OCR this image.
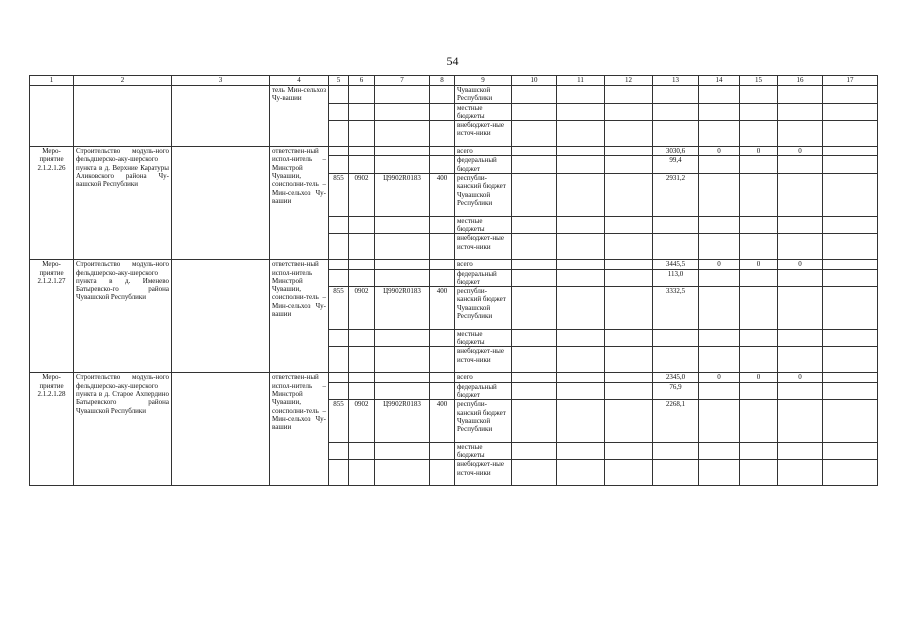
54
1	2	3	4	5	6	7	8	9	10	11	12	13	14	15	16	17
			тель Мин-сельхоз Чу-вашии					Чувашской Республики								
								местные бюджеты								
								внебюджет-ные источ-ники								
Меро-приятие 2.1.2.1.26	Строительство модуль-ного фельдшерско-аку-шерского пункта в д. Верхние Каратуры Аликовского района Чу-вашской Республики		ответствен-ный испол-нитель – Минстрой Чувашии, соисполни-тель – Мин-сельхоз Чу-вашии					всего				3030,6	0	0	0	
								федеральный бюджет				99,4				
				855	0902	Ц9902R0183	400	республи-канский бюджет Чувашской Республики				2931,2				
								местные бюджеты								
								внебюджет-ные источ-ники								
Меро-приятие 2.1.2.1.27	Строительство модуль-ного фельдшерско-аку-шерского пункта в д. Именево Батыревско-го района Чувашской Республики		ответствен-ный испол-нитель Минстрой Чувашии, соисполни-тель – Мин-сельхоз Чу-вашии					всего				3445,5	0	0	0	
								федеральный бюджет				113,0				
				855	0902	Ц9902R0183	400	республи-канский бюджет Чувашской Республики				3332,5				
								местные бюджеты								
								внебюджет-ные источ-ники								
Меро-приятие 2.1.2.1.28	Строительство модуль-ного фельдшерско-аку-шерского пункта в д. Старое Ахпердино Батыревского района Чувашской Республики		ответствен-ный испол-нитель – Минстрой Чувашии, соисполни-тель – Мин-сельхоз Чу-вашии					всего				2345,0	0	0	0	
								федеральный бюджет				76,9				
				855	0902	Ц9902R0183	400	республи-канский бюджет Чувашской Республики				2268,1				
								местные бюджеты								
								внебюджет-ные источ-ники								
